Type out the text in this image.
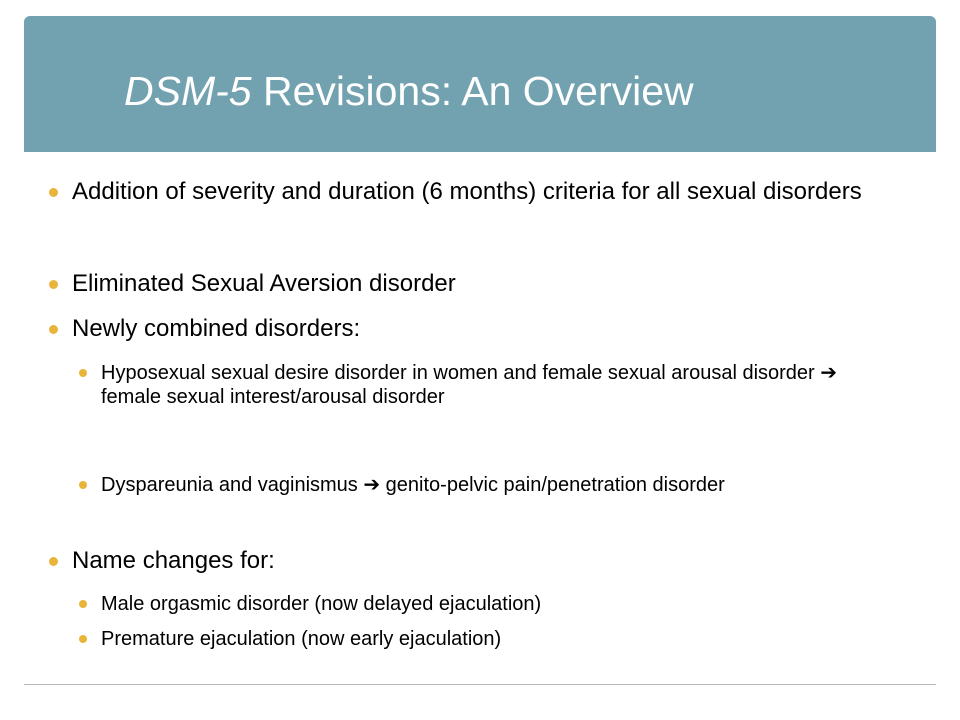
DSM-5 Revisions: An Overview
Addition of severity and duration (6 months) criteria for all sexual disorders
Eliminated Sexual Aversion disorder
Newly combined disorders:
Hyposexual sexual desire disorder in women and female sexual arousal disorder ➔ female sexual interest/arousal disorder
Dyspareunia and vaginismus ➔ genito-pelvic pain/penetration disorder
Name changes for:
Male orgasmic disorder (now delayed ejaculation)
Premature ejaculation (now early ejaculation)
